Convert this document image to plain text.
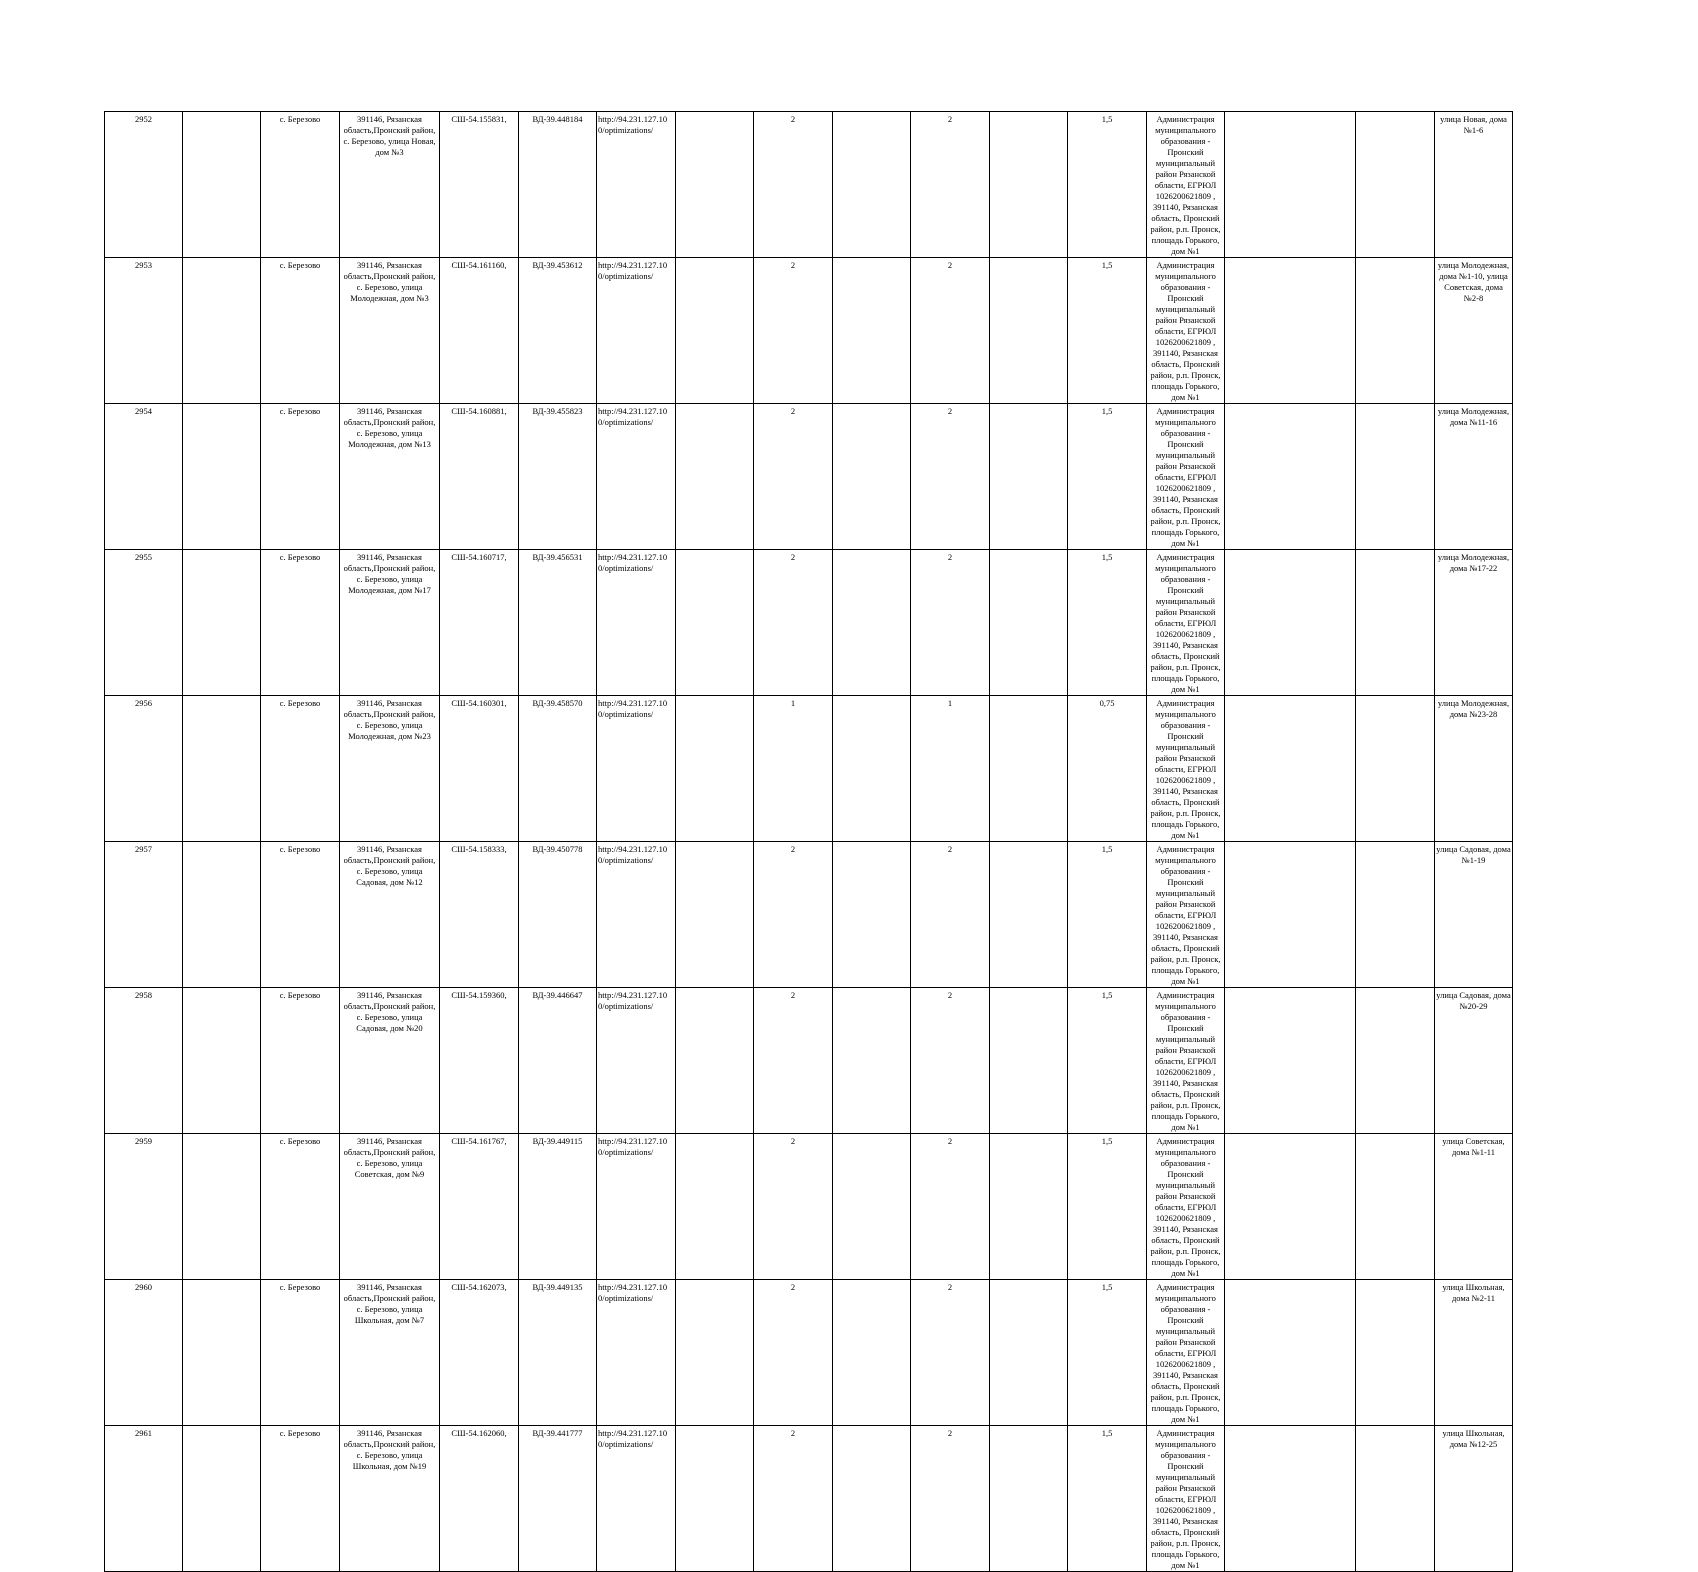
2952		с. Березово	391146, Рязанская область,Пронский район, с. Березово, улица Новая, дом №3	СШ-54.155831,	ВД-39.448184	http://94.231.127.10 0/optimizations/		2		2		1,5	Администрация муниципального образования - Пронский муниципальный район Рязанской области, ЕГРЮЛ 1026200621809 , 391140, Рязанская область, Пронский район, р.п. Пронск, площадь Горького, дом №1			улица Новая, дома №1-6
2953		с. Березово	391146, Рязанская область,Пронский район, с. Березово, улица Молодежная, дом №3	СШ-54.161160,	ВД-39.453612	http://94.231.127.10 0/optimizations/		2		2		1,5	Администрация муниципального образования - Пронский муниципальный район Рязанской области, ЕГРЮЛ 1026200621809 , 391140, Рязанская область, Пронский район, р.п. Пронск, площадь Горького, дом №1			улица Молодежная, дома №1-10, улица Советская, дома №2-8
2954		с. Березово	391146, Рязанская область,Пронский район, с. Березово, улица Молодежная, дом №13	СШ-54.160881,	ВД-39.455823	http://94.231.127.10 0/optimizations/		2		2		1,5	Администрация муниципального образования - Пронский муниципальный район Рязанской области, ЕГРЮЛ 1026200621809 , 391140, Рязанская область, Пронский район, р.п. Пронск, площадь Горького, дом №1			улица Молодежная, дома №11-16
2955		с. Березово	391146, Рязанская область,Пронский район, с. Березово, улица Молодежная, дом №17	СШ-54.160717,	ВД-39.456531	http://94.231.127.10 0/optimizations/		2		2		1,5	Администрация муниципального образования - Пронский муниципальный район Рязанской области, ЕГРЮЛ 1026200621809 , 391140, Рязанская область, Пронский район, р.п. Пронск, площадь Горького, дом №1			улица Молодежная, дома №17-22
2956		с. Березово	391146, Рязанская область,Пронский район, с. Березово, улица Молодежная, дом №23	СШ-54.160301,	ВД-39.458570	http://94.231.127.10 0/optimizations/		1		1		0,75	Администрация муниципального образования - Пронский муниципальный район Рязанской области, ЕГРЮЛ 1026200621809 , 391140, Рязанская область, Пронский район, р.п. Пронск, площадь Горького, дом №1			улица Молодежная, дома №23-28
2957		с. Березово	391146, Рязанская область,Пронский район, с. Березово, улица Садовая, дом №12	СШ-54.158333,	ВД-39.450778	http://94.231.127.10 0/optimizations/		2		2		1,5	Администрация муниципального образования - Пронский муниципальный район Рязанской области, ЕГРЮЛ 1026200621809 , 391140, Рязанская область, Пронский район, р.п. Пронск, площадь Горького, дом №1			улица Садовая, дома №1-19
2958		с. Березово	391146, Рязанская область,Пронский район, с. Березово, улица Садовая, дом №20	СШ-54.159360,	ВД-39.446647	http://94.231.127.10 0/optimizations/		2		2		1,5	Администрация муниципального образования - Пронский муниципальный район Рязанской области, ЕГРЮЛ 1026200621809 , 391140, Рязанская область, Пронский район, р.п. Пронск, площадь Горького, дом №1			улица Садовая, дома №20-29
2959		с. Березово	391146, Рязанская область,Пронский район, с. Березово, улица Советская, дом №9	СШ-54.161767,	ВД-39.449115	http://94.231.127.10 0/optimizations/		2		2		1,5	Администрация муниципального образования - Пронский муниципальный район Рязанской области, ЕГРЮЛ 1026200621809 , 391140, Рязанская область, Пронский район, р.п. Пронск, площадь Горького, дом №1			улица Советская, дома №1-11
2960		с. Березово	391146, Рязанская область,Пронский район, с. Березово, улица Школьная, дом №7	СШ-54.162073,	ВД-39.449135	http://94.231.127.10 0/optimizations/		2		2		1,5	Администрация муниципального образования - Пронский муниципальный район Рязанской области, ЕГРЮЛ 1026200621809 , 391140, Рязанская область, Пронский район, р.п. Пронск, площадь Горького, дом №1			улица Школьная, дома №2-11
2961		с. Березово	391146, Рязанская область,Пронский район, с. Березово, улица Школьная, дом №19	СШ-54.162060,	ВД-39.441777	http://94.231.127.10 0/optimizations/		2		2		1,5	Администрация муниципального образования - Пронский муниципальный район Рязанской области, ЕГРЮЛ 1026200621809 , 391140, Рязанская область, Пронский район, р.п. Пронск, площадь Горького, дом №1			улица Школьная, дома №12-25
